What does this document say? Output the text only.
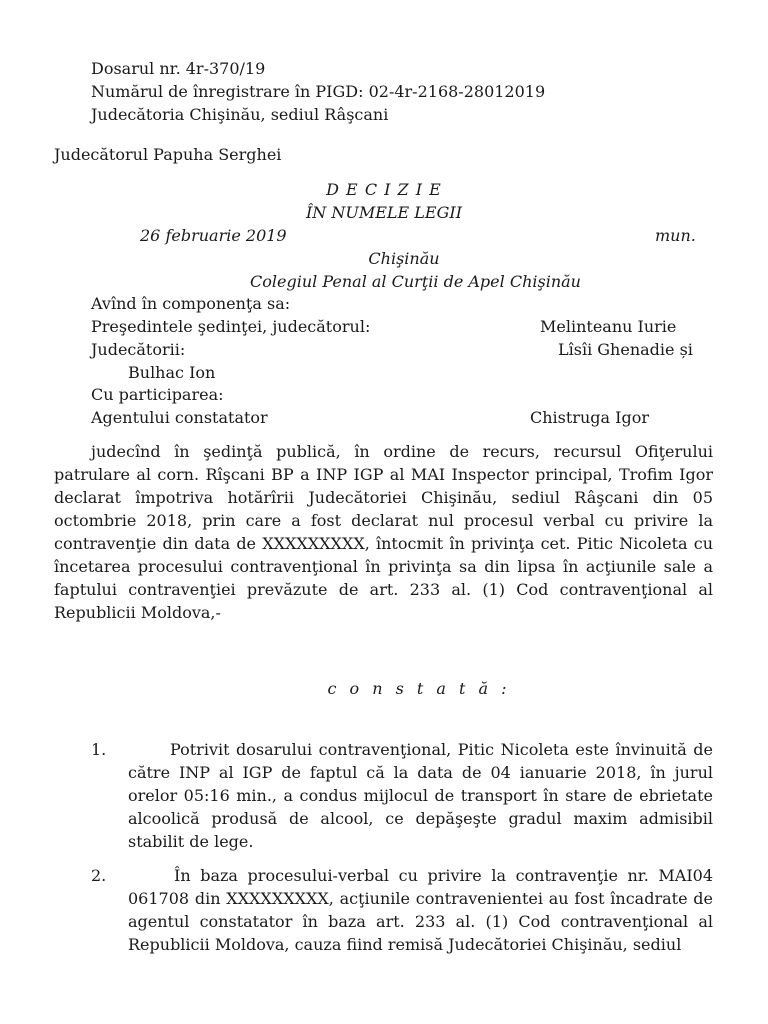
Dosarul nr. 4r-370/19
Numărul de înregistrare în PIGD: 02-4r-2168-28012019
Judecătoria Chişinău, sediul Râşcani
Judecătorul Papuha Serghei
D E C I Z I E
ÎN NUMELE LEGII
26 februarie 2019	mun.
Chişinău
Colegiul Penal al Curţii de Apel Chişinău
Avînd în componenţa sa:
Preşedintele şedinţei, judecătorul:	Melinteanu Iurie
Judecătorii:	Lîsîi Ghenadie și
Bulhac Ion
Cu participarea:
Agentului constatator	Chistruga Igor
judecînd în şedinţă publică, în ordine de recurs, recursul Ofiţerului patrulare al corn. Rîşcani BP a INP IGP al MAI Inspector principal, Trofim Igor declarat împotriva hotărîrii Judecătoriei Chişinău, sediul Râşcani din 05 octombrie 2018, prin care a fost declarat nul procesul verbal cu privire la contravenţie din data de XXXXXXXXX, întocmit în privinţa cet. Pitic Nicoleta cu încetarea procesului contravenţional în privinţa sa din lipsa în acţiunile sale a faptului contravenţiei prevăzute de art. 233 al. (1) Cod contravenţional al Republicii Moldova,-
c o n s t a t ă :
1.	Potrivit dosarului contravenţional, Pitic Nicoleta este învinuită de către INP al IGP de faptul că la data de 04 ianuarie 2018, în jurul orelor 05:16 min., a condus mijlocul de transport în stare de ebrietate alcoolică produsă de alcool, ce depăşeşte gradul maxim admisibil stabilit de lege.
2.	În baza procesului-verbal cu privire la contravenţie nr. MAI04 061708 din XXXXXXXXX, acţiunile contravenientei au fost încadrate de agentul constatator în baza art. 233 al. (1) Cod contravenţional al Republicii Moldova, cauza fiind remisă Judecătoriei Chişinău, sediul
